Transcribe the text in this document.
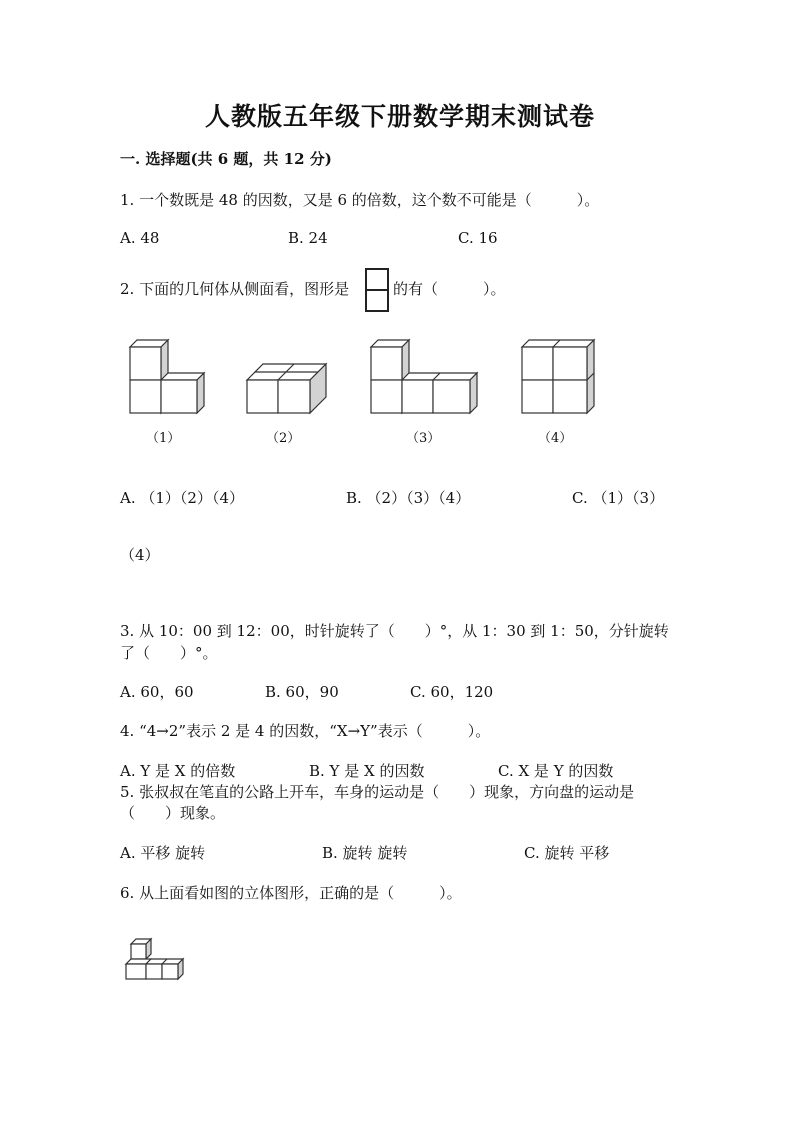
人教版五年级下册数学期末测试卷
一. 选择题(共 6 题，共 12 分)
1. 一个数既是 48 的因数，又是 6 的倍数，这个数不可能是（　　　）。
A. 48	B. 24	C. 16
2. 下面的几何体从侧面看，图形是	的有（　　　）。
（1）	（2）	（3）	（4）
A. （1）（2）（4）	B. （2）（3）（4）	C. （1）（3）
（4）
3. 从 10：00 到 12：00，时针旋转了（　　）°，从 1：30 到 1：50，分针旋转
了（　　）°。
A. 60，60	B. 60，90	C. 60，120
4. “4→2”表示 2 是 4 的因数，“X→Y”表示（　　　）。
A. Y 是 X 的倍数	B. Y 是 X 的因数	C. X 是 Y 的因数
5. 张叔叔在笔直的公路上开车，车身的运动是（　　）现象，方向盘的运动是
（　　）现象。
A. 平移 旋转	B. 旋转 旋转	C. 旋转 平移
6. 从上面看如图的立体图形，正确的是（　　　）。
